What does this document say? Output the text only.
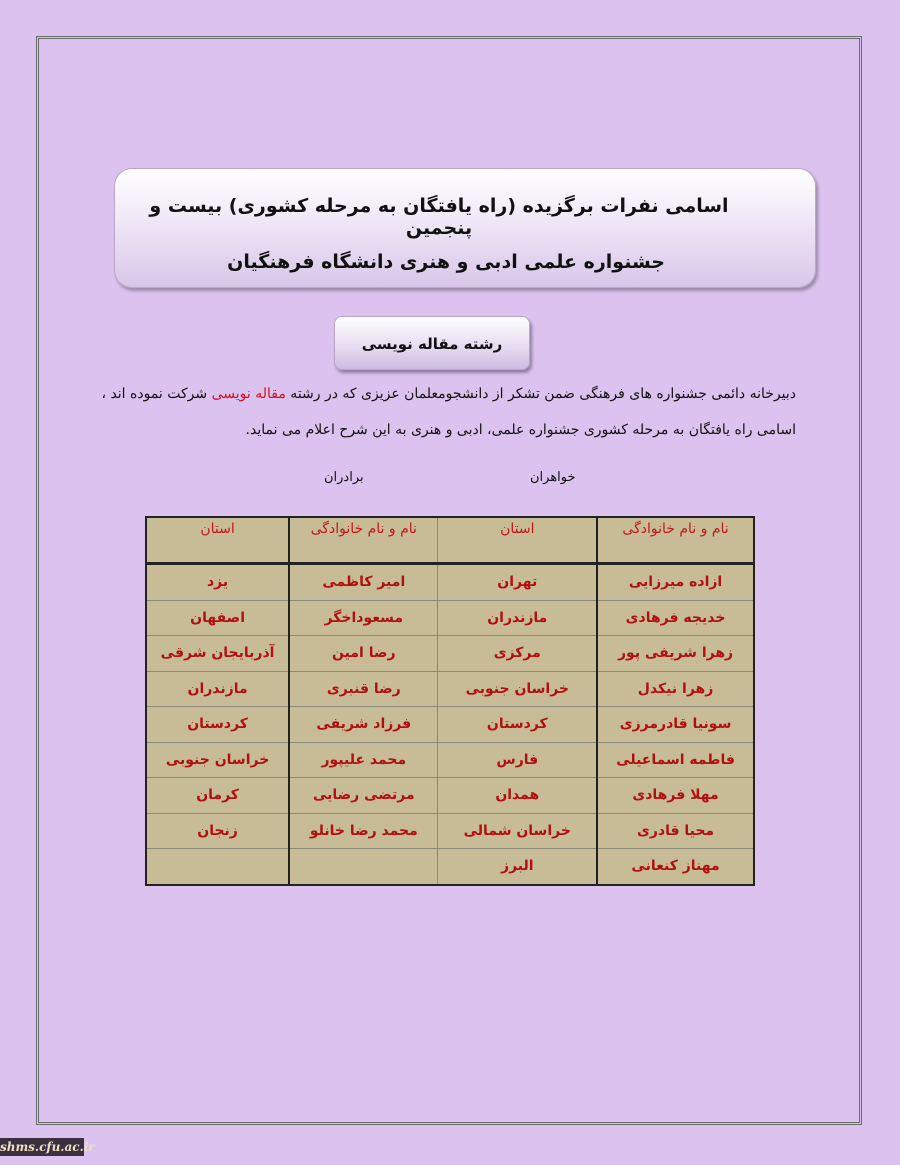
اسامی نفرات برگزیده (راه یافتگان به مرحله کشوری) بیست و پنجمین
جشنواره علمی ادبی و هنری دانشگاه فرهنگیان
رشته مقاله نویسی
دبیرخانه دائمی جشنواره های فرهنگی ضمن تشکر از دانشجومعلمان عزیزی که در رشته مقاله نویسی شرکت نموده اند ،
اسامی راه یافتگان به مرحله کشوری جشنواره علمی، ادبی و هنری به این شرح اعلام می نماید.
خواهران
برادران
نام و نام خانوادگی	استان	نام و نام خانوادگی	استان
ازاده میرزایی	تهران	امیر کاظمی	یزد
خدیجه فرهادی	مازندران	مسعوداخگر	اصفهان
زهرا شریفی پور	مرکزی	رضا امین	آذربایجان شرقی
زهرا نیکدل	خراسان جنوبی	رضا قنبری	مازندران
سونیا قادرمرزی	کردستان	فرزاد شریفی	کردستان
فاطمه اسماعیلی	فارس	محمد علیپور	خراسان جنوبی
مهلا فرهادی	همدان	مرتضی رضایی	کرمان
محیا قادری	خراسان شمالی	محمد رضا خانلو	زنجان
مهناز کنعانی	البرز		
shms.cfu.ac.ir
